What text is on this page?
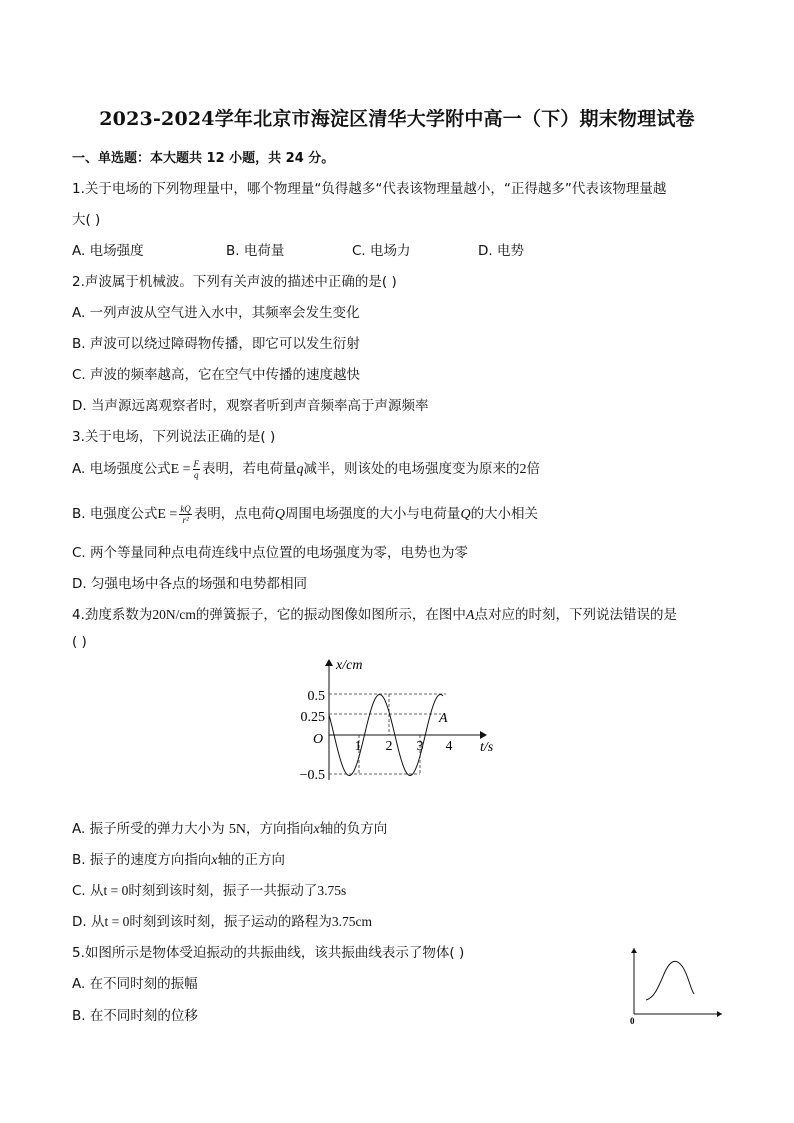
2023-2024学年北京市海淀区清华大学附中高一（下）期末物理试卷
一、单选题：本大题共 12 小题，共 24 分。
1.关于电场的下列物理量中，哪个物理量“负得越多“代表该物理量越小，“正得越多”代表该物理量越
大( )
A. 电场强度	B. 电荷量	C. 电场力	D. 电势
2.声波属于机械波。下列有关声波的描述中正确的是( )
A. 一列声波从空气进入水中，其频率会发生变化
B. 声波可以绕过障碍物传播，即它可以发生衍射
C. 声波的频率越高，它在空气中传播的速度越快
D. 当声源远离观察者时，观察者听到声音频率高于声源频率
3.关于电场，下列说法正确的是( )
A. 电场强度公式$E = \frac{F}{q}$ 表明，若电荷量q减半，则该处的电场强度变为原来的2倍
B. 电强度公式$E = \frac{kQ}{\text{r²}}$ 表明，点电荷Q周围电场强度的大小与电荷量Q的大小相关
C. 两个等量同种点电荷连线中点位置的电场强度为零，电势也为零
D. 匀强电场中各点的场强和电势都相同
4.劲度系数为20N/cm的弹簧振子，它的振动图像如图所示，在图中A点对应的时刻，下列说法错误的是
( )
x/cm
t/s
O
0.5
0.25
−0.5
1 2 3 4
A
A. 振子所受的弹力大小为 5N，方向指向x轴的负方向
B. 振子的速度方向指向x轴的正方向
C. 从t = 0时刻到该时刻，振子一共振动了3.75s
D. 从t = 0时刻到该时刻，振子运动的路程为3.75cm
5.如图所示是物体受迫振动的共振曲线，该共振曲线表示了物体( )
A. 在不同时刻的振幅
B. 在不同时刻的位移	0
